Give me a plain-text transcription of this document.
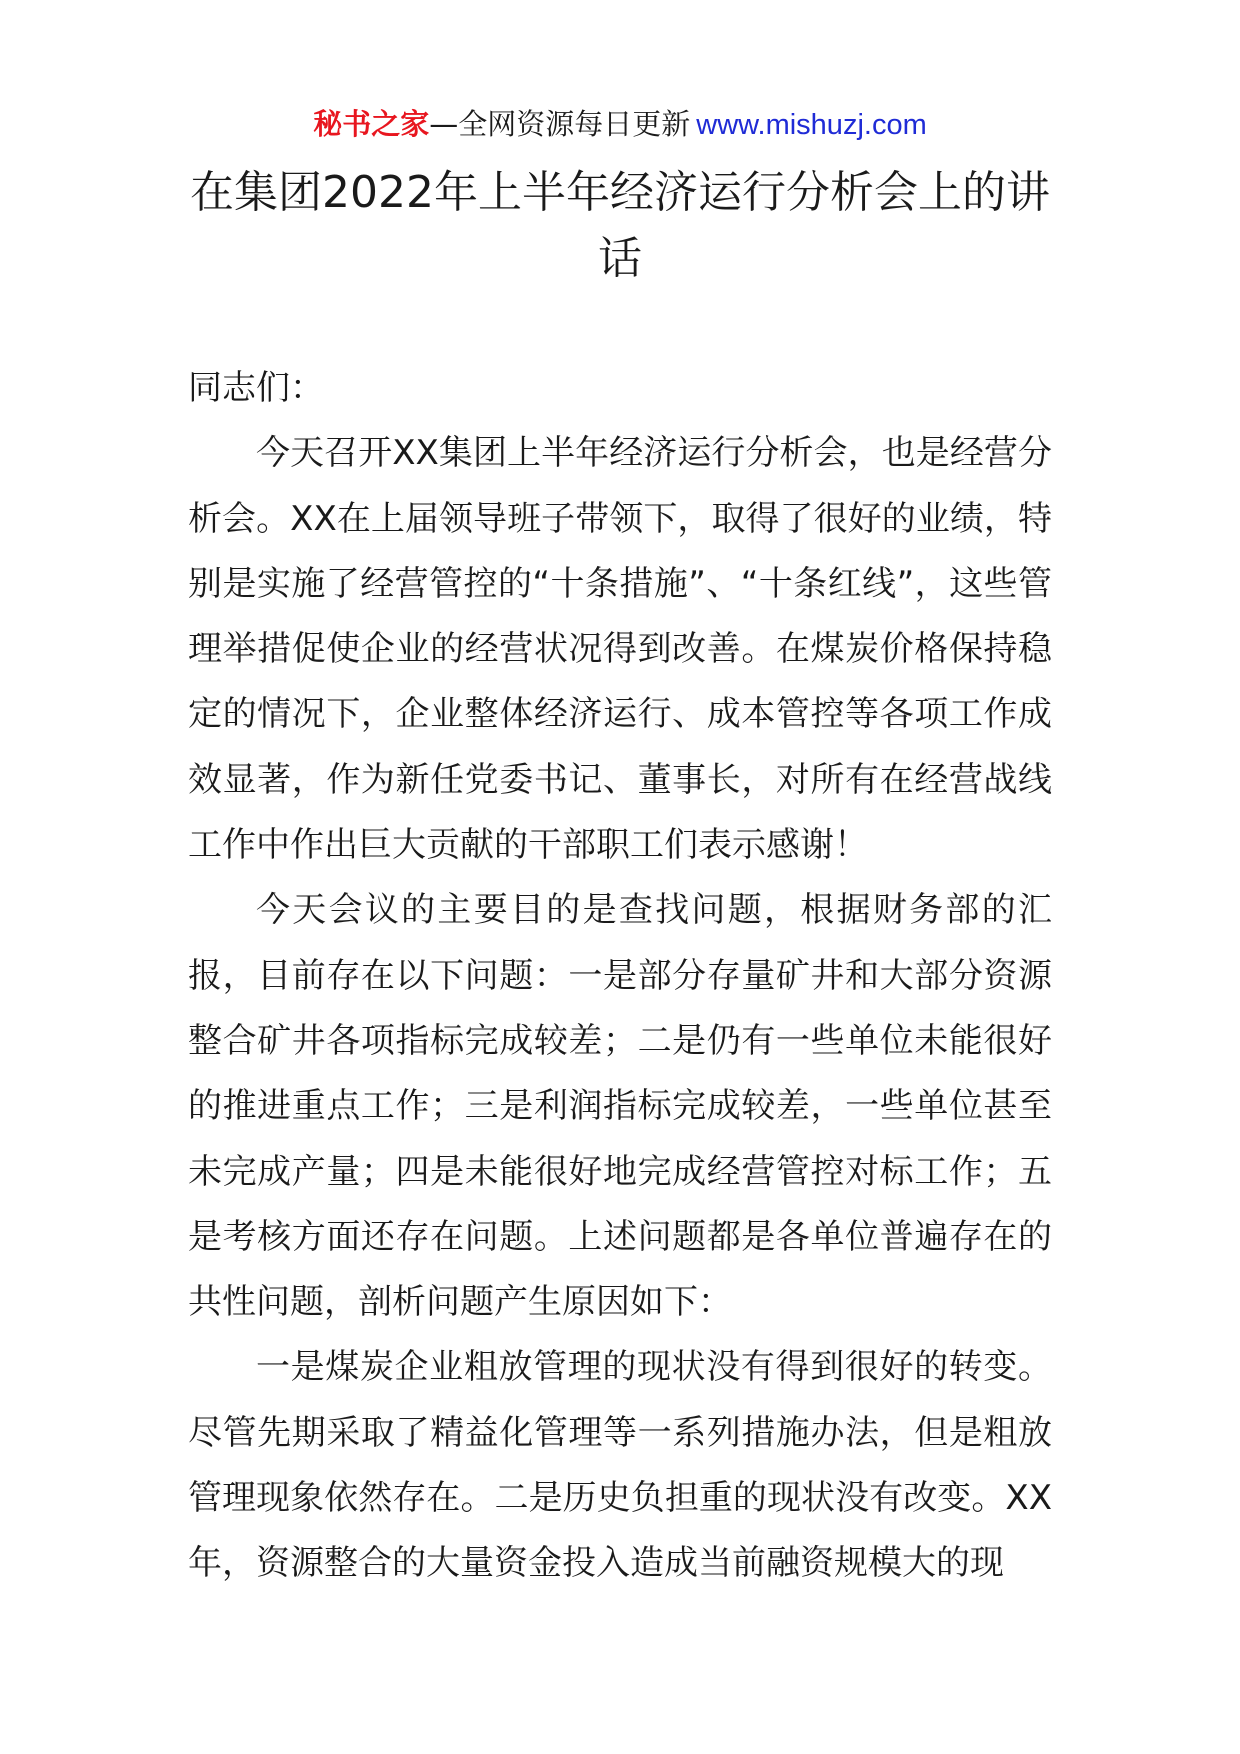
秘书之家—全网资源每日更新 www.mishuzj.com
在集团2022年上半年经济运行分析会上的讲话

同志们：

今天召开XX集团上半年经济运行分析会，也是经营分析会。XX在上届领导班子带领下，取得了很好的业绩，特别是实施了经营管控的“十条措施”、“十条红线”，这些管理举措促使企业的经营状况得到改善。在煤炭价格保持稳定的情况下，企业整体经济运行、成本管控等各项工作成效显著，作为新任党委书记、董事长，对所有在经营战线工作中作出巨大贡献的干部职工们表示感谢！

今天会议的主要目的是查找问题，根据财务部的汇报，目前存在以下问题：一是部分存量矿井和大部分资源整合矿井各项指标完成较差；二是仍有一些单位未能很好的推进重点工作；三是利润指标完成较差，一些单位甚至未完成产量；四是未能很好地完成经营管控对标工作；五是考核方面还存在问题。上述问题都是各单位普遍存在的共性问题，剖析问题产生原因如下：

一是煤炭企业粗放管理的现状没有得到很好的转变。尽管先期采取了精益化管理等一系列措施办法，但是粗放管理现象依然存在。二是历史负担重的现状没有改变。XX年，资源整合的大量资金投入造成当前融资规模大的现
